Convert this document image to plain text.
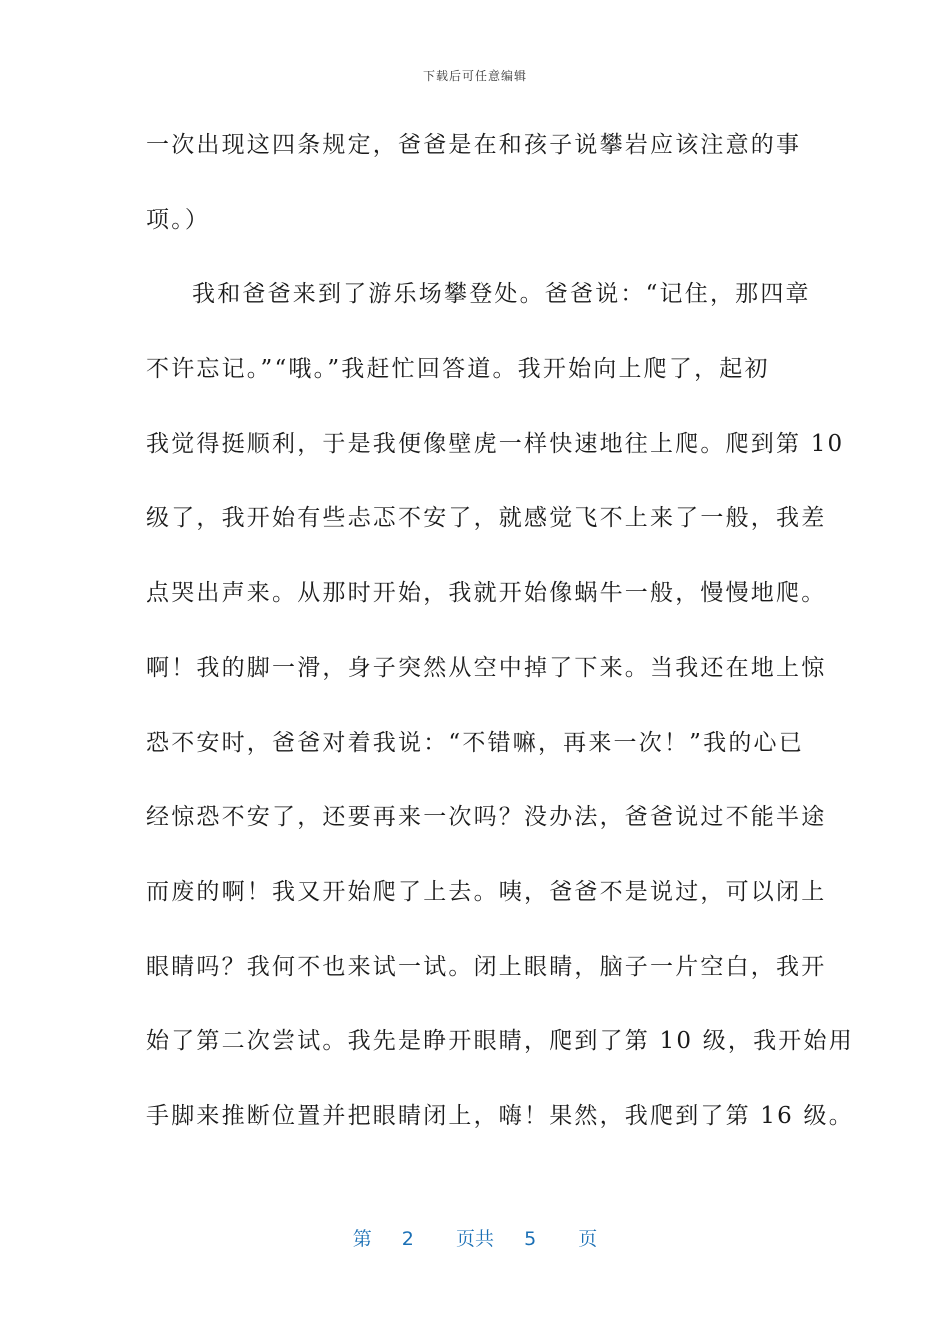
下载后可任意编辑
一次出现这四条规定，爸爸是在和孩子说攀岩应该注意的事
项。）
我和爸爸来到了游乐场攀登处。爸爸说：“记住，那四章
不许忘记。”“哦。”我赶忙回答道。我开始向上爬了，起初
我觉得挺顺利，于是我便像壁虎一样快速地往上爬。爬到第 10
级了，我开始有些忐忑不安了，就感觉飞不上来了一般，我差
点哭出声来。从那时开始，我就开始像蜗牛一般，慢慢地爬。
啊！我的脚一滑，身子突然从空中掉了下来。当我还在地上惊
恐不安时，爸爸对着我说：“不错嘛，再来一次！”我的心已
经惊恐不安了，还要再来一次吗？没办法，爸爸说过不能半途
而废的啊！我又开始爬了上去。咦，爸爸不是说过，可以闭上
眼睛吗？我何不也来试一试。闭上眼睛，脑子一片空白，我开
始了第二次尝试。我先是睁开眼睛，爬到了第 10 级，我开始用
手脚来推断位置并把眼睛闭上，嗨！果然，我爬到了第 16 级。
第 2 页共 5 页
